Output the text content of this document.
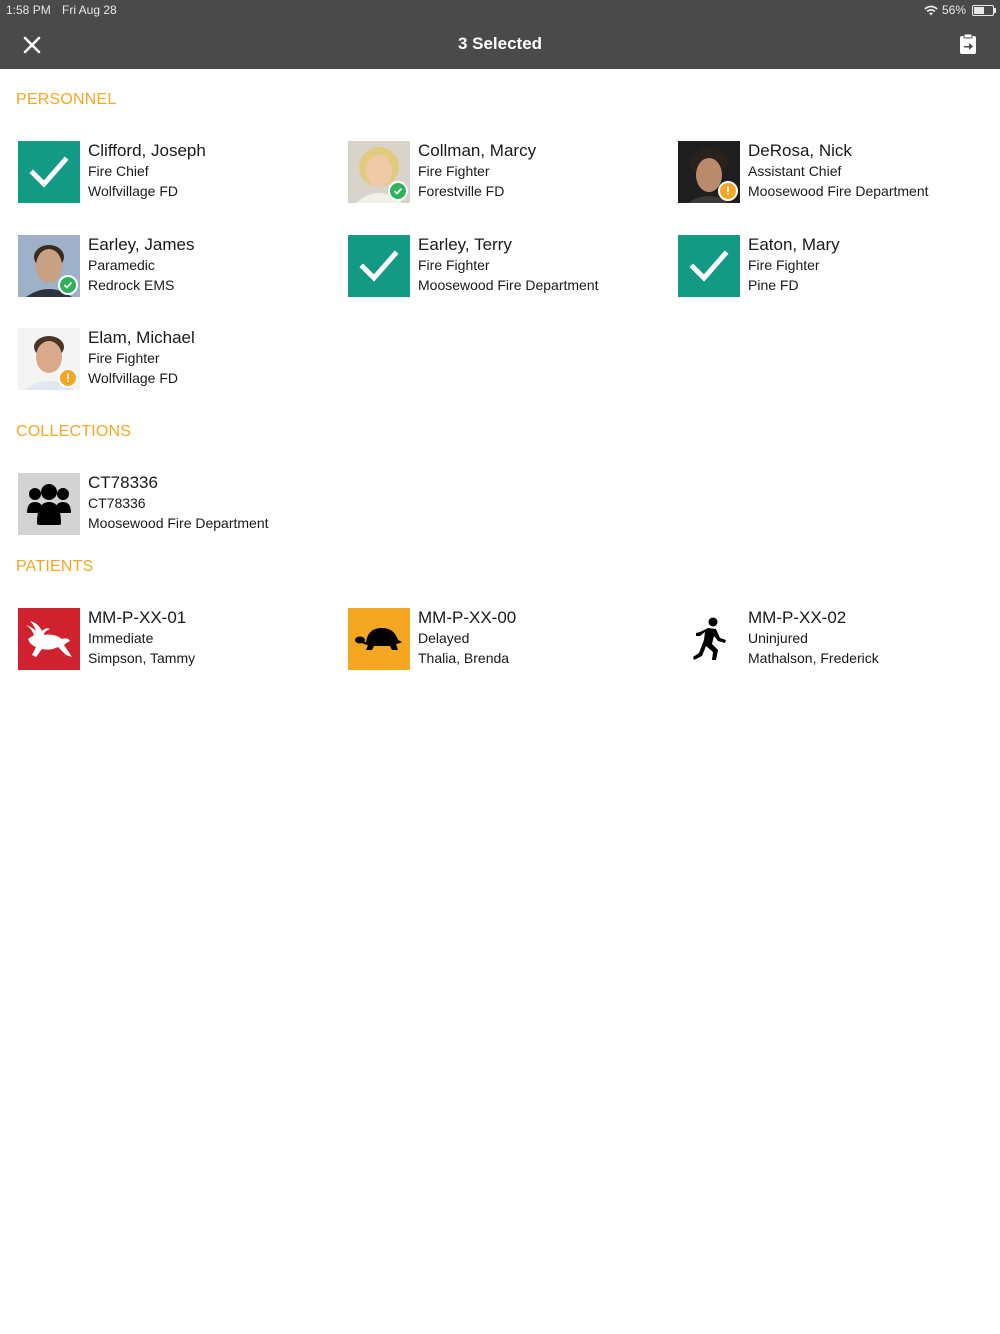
1:58 PM Fri Aug 28	56%
3 Selected
PERSONNEL
Clifford, Joseph
Fire Chief
Wolfvillage FD
Collman, Marcy
Fire Fighter
Forestville FD	!
DeRosa, Nick
Assistant Chief
Moosewood Fire Department
Earley, James
Paramedic
Redrock EMS
Earley, Terry
Fire Fighter
Moosewood Fire Department
Eaton, Mary
Fire Fighter
Pine FD
!
Elam, Michael
Fire Fighter
Wolfvillage FD
COLLECTIONS
CT78336
CT78336
Moosewood Fire Department
PATIENTS
MM-P-XX-01
Immediate
Simpson, Tammy
MM-P-XX-00
Delayed
Thalia, Brenda
MM-P-XX-02
Uninjured
Mathalson, Frederick
